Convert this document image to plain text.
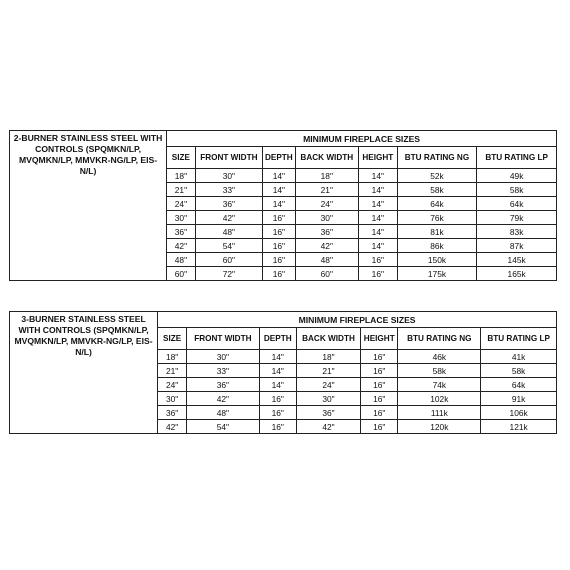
2-BURNER STAINLESS STEEL WITH CONTROLS (SPQMKN/LP, MVQMKN/LP, MMVKR-NG/LP, EIS-N/L)	MINIMUM FIREPLACE SIZES						
	SIZE	FRONT WIDTH	DEPTH	BACK WIDTH	HEIGHT	BTU RATING NG	BTU RATING LP
	18"	30"	14"	18"	14"	52k	49k
	21"	33"	14"	21"	14"	58k	58k
	24"	36"	14"	24"	14"	64k	64k
	30"	42"	16"	30"	14"	76k	79k
	36"	48"	16"	36"	14"	81k	83k
	42"	54"	16"	42"	14"	86k	87k
	48"	60"	16"	48"	16"	150k	145k
	60"	72"	16"	60"	16"	175k	165k
3-BURNER STAINLESS STEEL WITH CONTROLS (SPQMKN/LP, MVQMKN/LP, MMVKR-NG/LP, EIS-N/L)	MINIMUM FIREPLACE SIZES						
	SIZE	FRONT WIDTH	DEPTH	BACK WIDTH	HEIGHT	BTU RATING NG	BTU RATING LP
	18"	30"	14"	18"	16"	46k	41k
	21"	33"	14"	21"	16"	58k	58k
	24"	36"	14"	24"	16"	74k	64k
	30"	42"	16"	30"	16"	102k	91k
	36"	48"	16"	36"	16"	111k	106k
	42"	54"	16"	42"	16"	120k	121k
